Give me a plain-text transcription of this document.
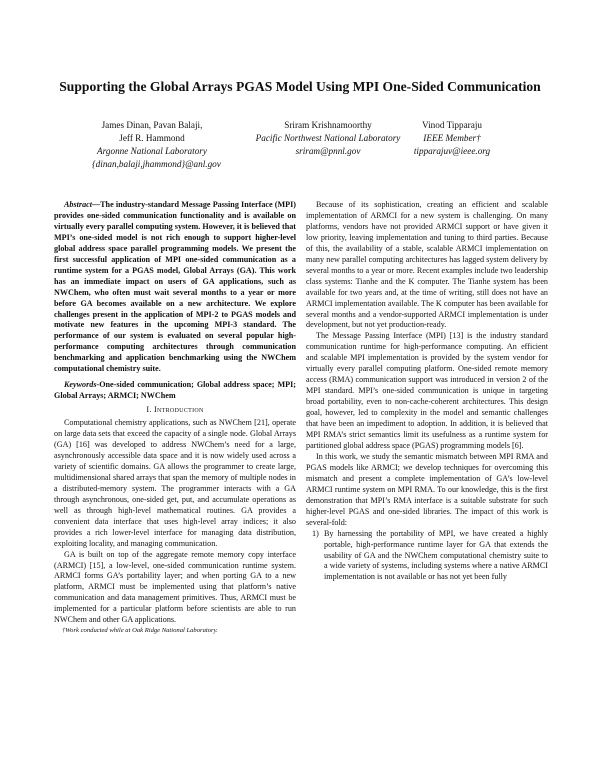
Supporting the Global Arrays PGAS Model Using MPI One-Sided Communication
James Dinan, Pavan Balaji,
Jeff R. Hammond
Argonne National Laboratory
{dinan,balaji,jhammond}@anl.gov
Sriram Krishnamoorthy
Pacific Northwest National Laboratory
sriram@pnnl.gov
Vinod Tipparaju
IEEE Member†
tipparajuv@ieee.org

Abstract—The industry-standard Message Passing Interface (MPI) provides one-sided communication functionality and is available on virtually every parallel computing system. However, it is believed that MPI’s one-sided model is not rich enough to support higher-level global address space parallel programming models. We present the first successful application of MPI one-sided communication as a runtime system for a PGAS model, Global Arrays (GA). This work has an immediate impact on users of GA applications, such as NWChem, who often must wait several months to a year or more before GA becomes available on a new architecture. We explore challenges present in the application of MPI-2 to PGAS models and motivate new features in the upcoming MPI-3 standard. The performance of our system is evaluated on several popular high-performance computing architectures through communication benchmarking and application benchmarking using the NWChem computational chemistry suite.

Keywords-One-sided communication; Global address space; MPI; Global Arrays; ARMCI; NWChem

I. Introduction

Computational chemistry applications, such as NWChem [21], operate on large data sets that exceed the capacity of a single node. Global Arrays (GA) [16] was developed to address NWChem’s need for a large, asynchronously accessible data space and it is now widely used across a variety of scientific domains. GA allows the programmer to create large, multidimensional shared arrays that span the memory of multiple nodes in a distributed-memory system. The programmer interacts with a GA through asynchronous, one-sided get, put, and accumulate operations as well as through high-level mathematical routines. GA provides a convenient data interface that uses high-level array indices; it also provides a rich lower-level interface for managing data distribution, exploiting locality, and managing communication.

GA is built on top of the aggregate remote memory copy interface (ARMCI) [15], a low-level, one-sided communication runtime system. ARMCI forms GA’s portability layer; and when porting GA to a new platform, ARMCI must be implemented using that platform’s native communication and data management primitives. Thus, ARMCI must be implemented for a particular platform before scientists are able to run NWChem and other GA applications.

†Work conducted while at Oak Ridge National Laboratory.

Because of its sophistication, creating an efficient and scalable implementation of ARMCI for a new system is challenging. On many platforms, vendors have not provided ARMCI support or have given it low priority, leaving implementation and tuning to third parties. Because of this, the availability of a stable, scalable ARMCI implementation on many new parallel computing architectures has lagged system delivery by several months to a year or more. Recent examples include two leadership class systems: Tianhe and the K computer. The Tianhe system has been available for two years and, at the time of writing, still does not have an ARMCI implementation available. The K computer has been available for several months and a vendor-supported ARMCI implementation is under development, but not yet production-ready.

The Message Passing Interface (MPI) [13] is the industry standard communication runtime for high-performance computing. An efficient and scalable MPI implementation is provided by the system vendor for virtually every parallel computing platform. One-sided remote memory access (RMA) communication support was introduced in version 2 of the MPI standard. MPI’s one-sided communication is unique in targeting broad portability, even to non-cache-coherent architectures. This design goal, however, led to complexity in the model and semantic challenges that have been an impediment to adoption. In addition, it is believed that MPI RMA’s strict semantics limit its usefulness as a runtime system for partitioned global address space (PGAS) programming models [6].

In this work, we study the semantic mismatch between MPI RMA and PGAS models like ARMCI; we develop techniques for overcoming this mismatch and present a complete implementation of GA’s low-level ARMCI runtime system on MPI RMA. To our knowledge, this is the first demonstration that MPI’s RMA interface is a suitable substrate for such higher-level PGAS and one-sided libraries. The impact of this work is several-fold:

1) By harnessing the portability of MPI, we have created a highly portable, high-performance runtime layer for GA that extends the usability of GA and the NWChem computational chemistry suite to a wide variety of systems, including systems where a native ARMCI implementation is not available or has not yet been fully
